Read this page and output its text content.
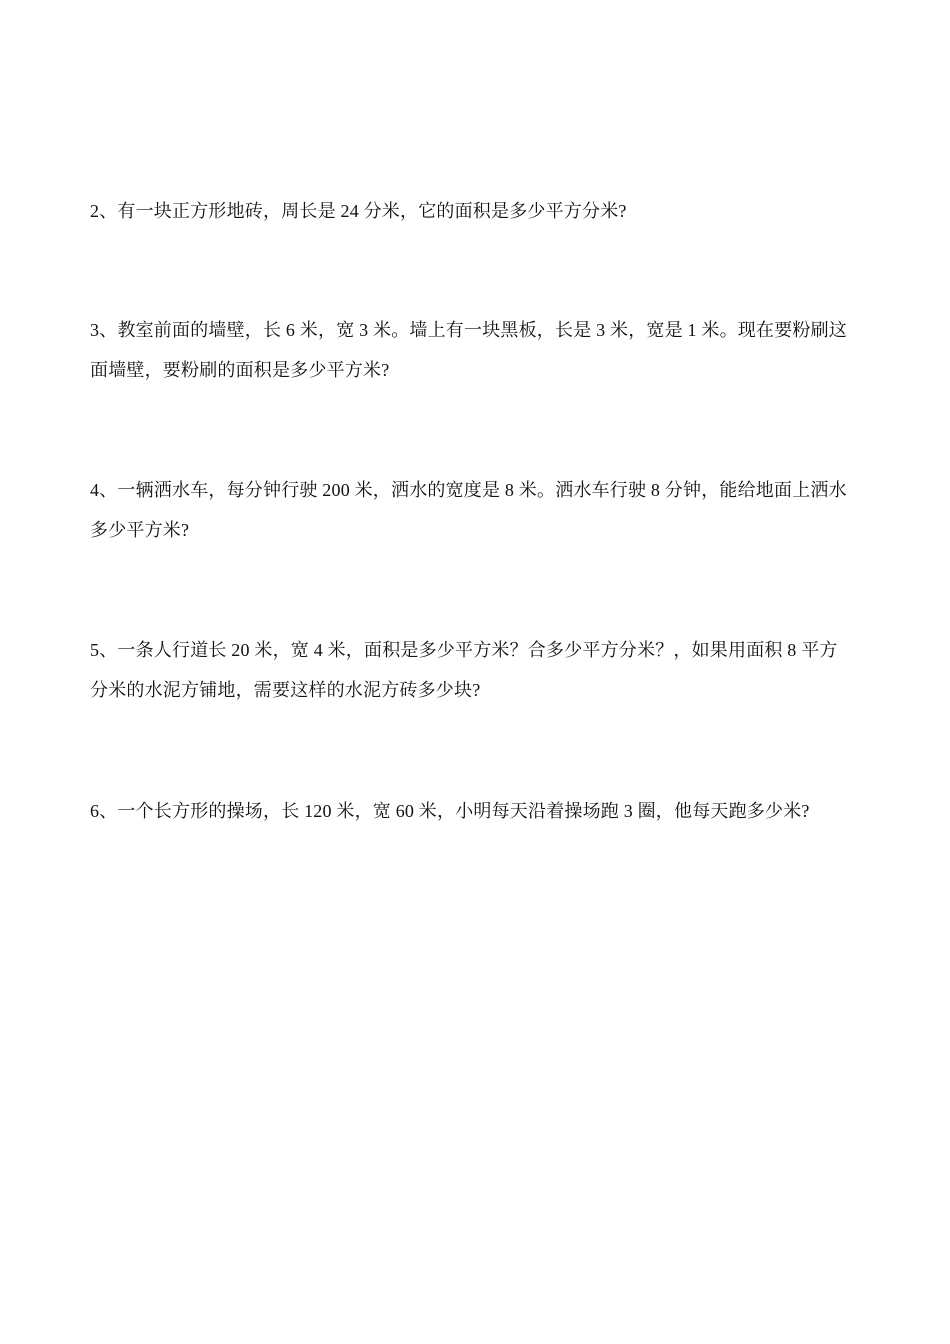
2、有一块正方形地砖，周长是 24 分米，它的面积是多少平方分米?

3、教室前面的墙壁，长 6 米，宽 3 米。墙上有一块黑板，长是 3 米，宽是 1 米。现在要粉刷这面墙壁，要粉刷的面积是多少平方米?

4、一辆洒水车，每分钟行驶 200 米，洒水的宽度是 8 米。洒水车行驶 8 分钟，能给地面上洒水多少平方米?

5、一条人行道长 20 米，宽 4 米，面积是多少平方米？合多少平方分米？，如果用面积 8 平方分米的水泥方铺地，需要这样的水泥方砖多少块?

6、一个长方形的操场，长 120 米，宽 60 米，小明每天沿着操场跑 3 圈，他每天跑多少米?
